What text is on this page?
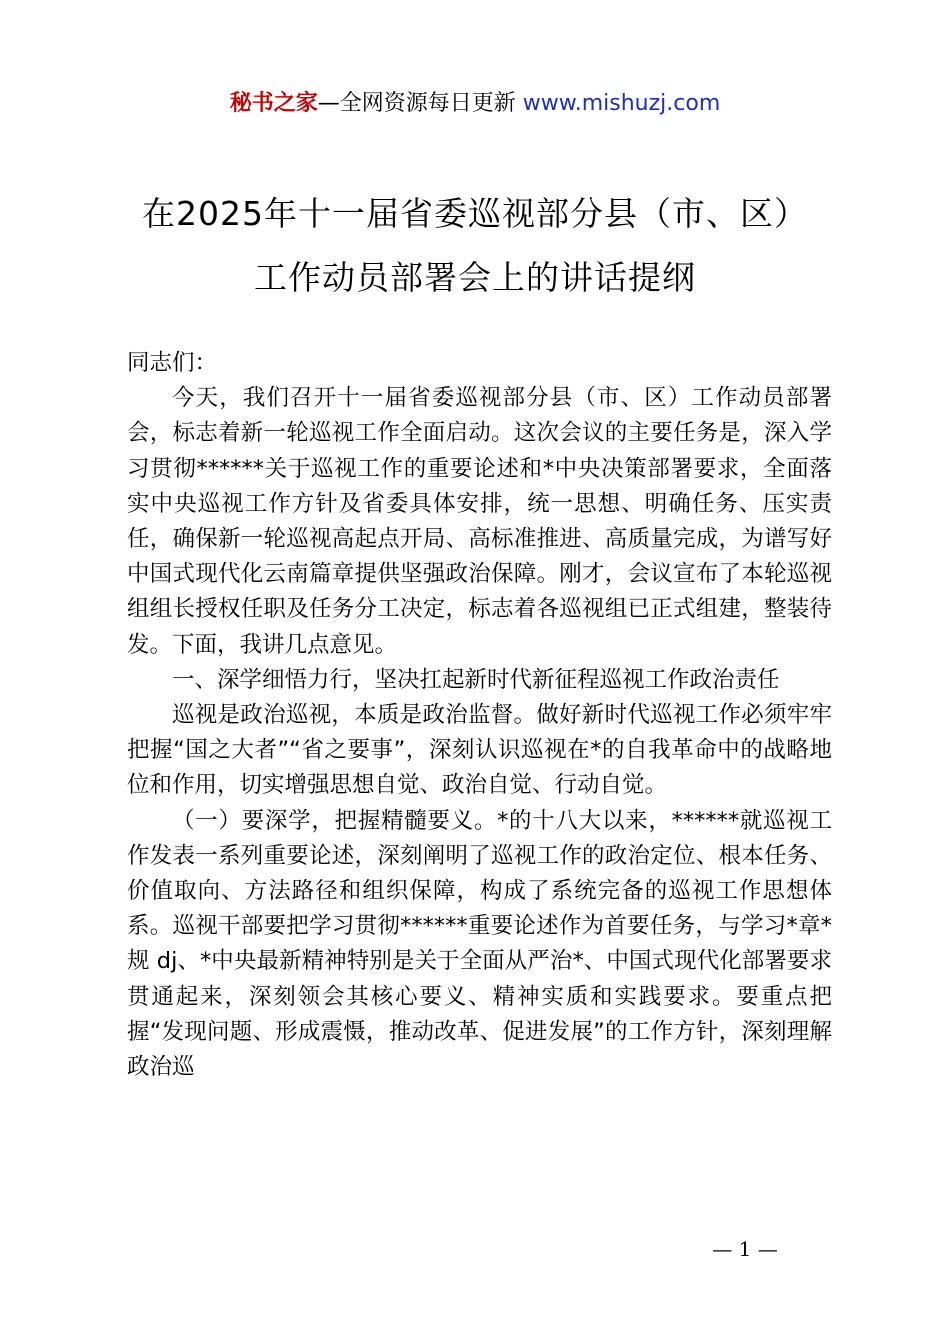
秘书之家—全网资源每日更新 www.mishuzj.com
在2025年十一届省委巡视部分县（市、区）
工作动员部署会上的讲话提纲

同志们：

今天，我们召开十一届省委巡视部分县（市、区）工作动员部署会，标志着新一轮巡视工作全面启动。这次会议的主要任务是，深入学习贯彻******关于巡视工作的重要论述和*中央决策部署要求，全面落实中央巡视工作方针及省委具体安排，统一思想、明确任务、压实责任，确保新一轮巡视高起点开局、高标准推进、高质量完成，为谱写好中国式现代化云南篇章提供坚强政治保障。刚才，会议宣布了本轮巡视组组长授权任职及任务分工决定，标志着各巡视组已正式组建，整装待发。下面，我讲几点意见。

一、深学细悟力行，坚决扛起新时代新征程巡视工作政治责任

巡视是政治巡视，本质是政治监督。做好新时代巡视工作必须牢牢把握“国之大者”“省之要事”，深刻认识巡视在*的自我革命中的战略地位和作用，切实增强思想自觉、政治自觉、行动自觉。

（一）要深学，把握精髓要义。*的十八大以来，******就巡视工作发表一系列重要论述，深刻阐明了巡视工作的政治定位、根本任务、价值取向、方法路径和组织保障，构成了系统完备的巡视工作思想体系。巡视干部要把学习贯彻******重要论述作为首要任务，与学习*章*规 dj、*中央最新精神特别是关于全面从严治*、中国式现代化部署要求贯通起来，深刻领会其核心要义、精神实质和实践要求。要重点把握“发现问题、形成震慑，推动改革、促进发展”的工作方针，深刻理解政治巡

— 1 —
